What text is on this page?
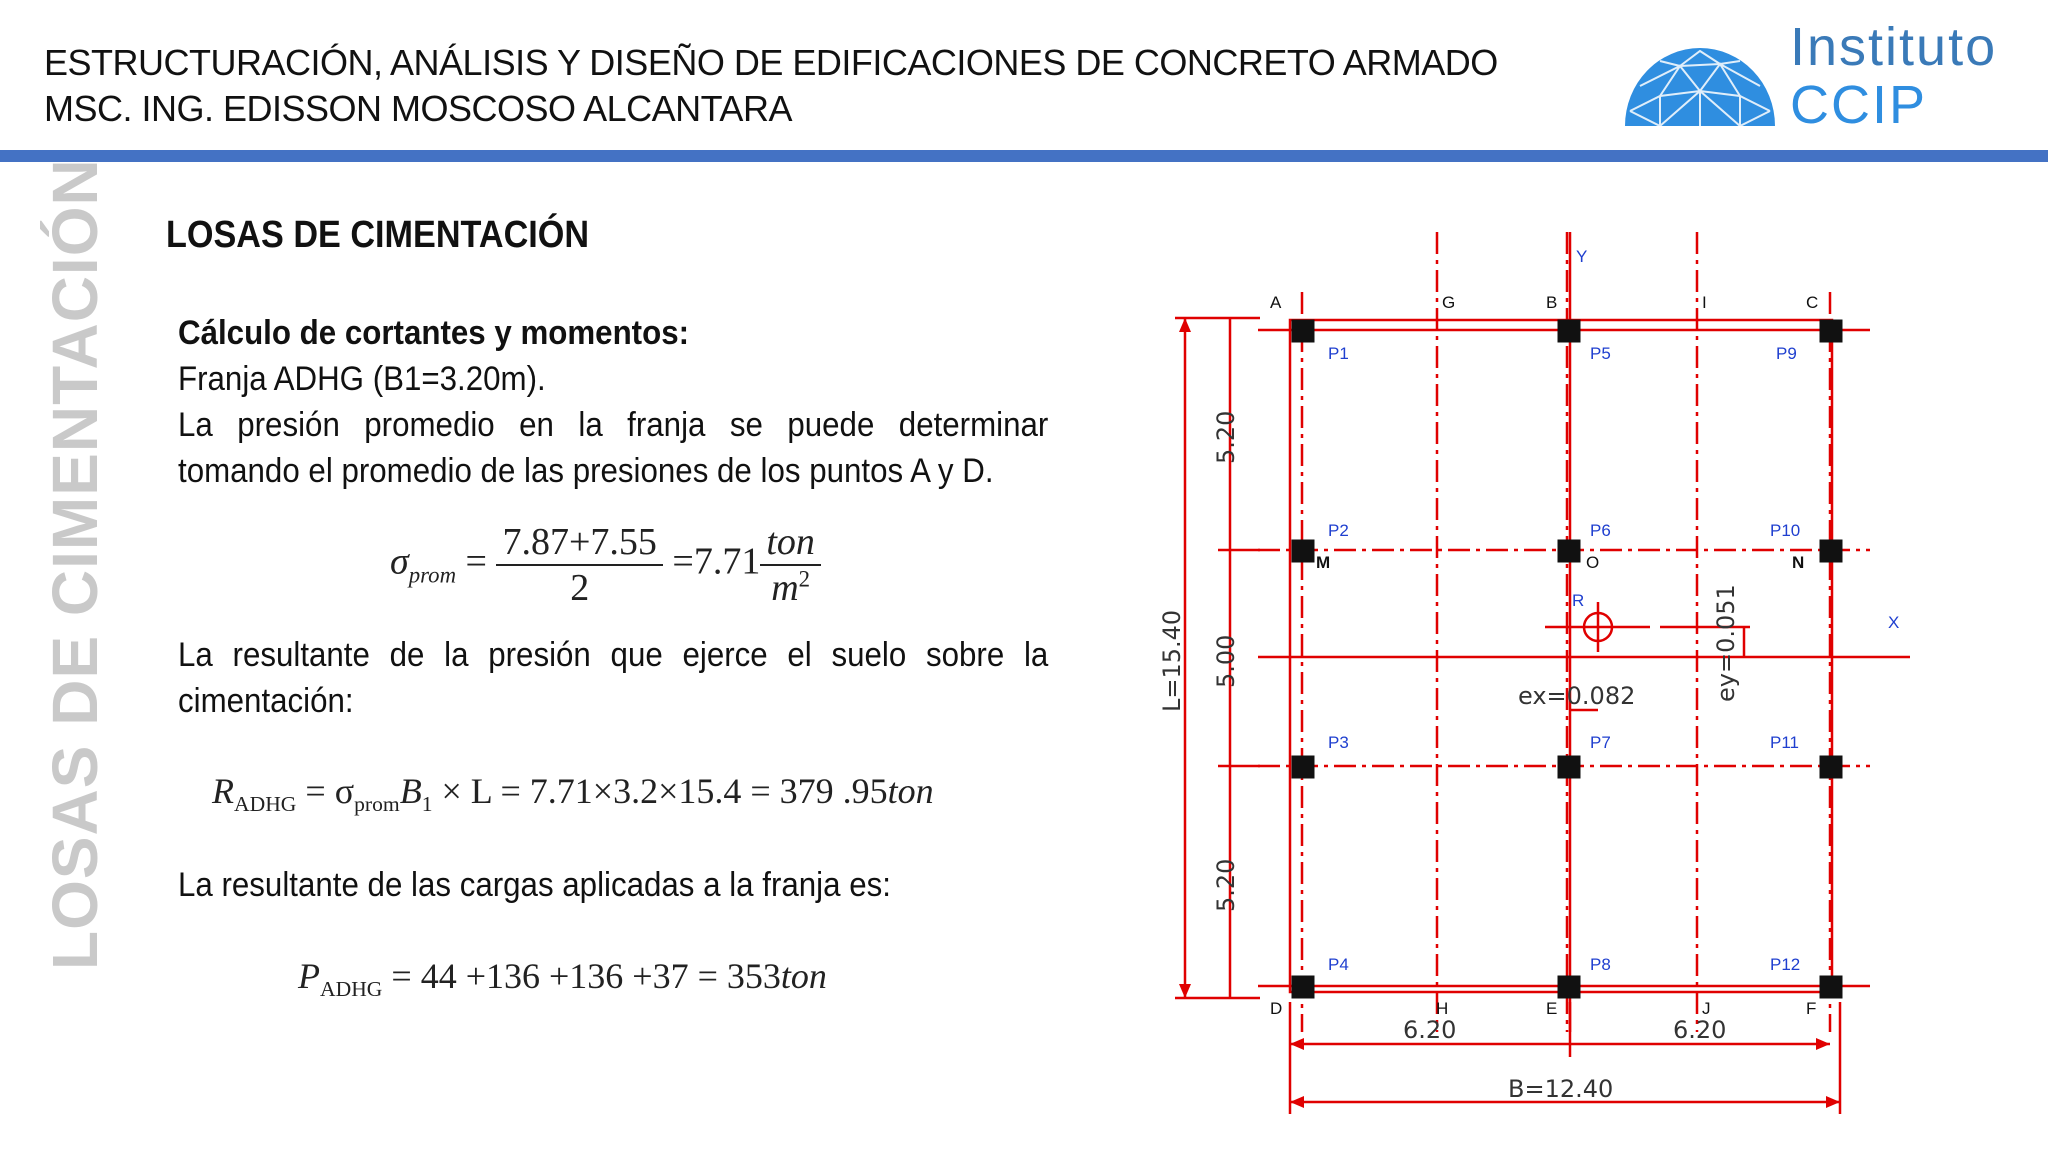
ESTRUCTURACIÓN, ANÁLISIS Y DISEÑO DE EDIFICACIONES DE CONCRETO ARMADO
MSC. ING. EDISSON MOSCOSO ALCANTARA
Instituto
CCIP
LOSAS DE CIMENTACIÓN LOSAS DE CIMENTACIÓN
Cálculo de cortantes y momentos:
Franja ADHG (B1=3.20m).
La presión promedio en la franja se puede determinar tomando el promedio de las presiones de los puntos A y D.
$\sigma_{prom} = \frac{7.87+7.55}{2} =7.71 \frac{\text{ton}}{m^2}$
La resultante de la presión que ejerce el suelo sobre la cimentación:
$R_{ADHG} = \sigma_{prom}B_1 \times L = 7.71\times 3.2\times 15.4 = 379$ .95ton
La resultante de las cargas aplicadas a la franja es:
$P_{ADHG} = 44 +136 +136 +37 = 353ton$
A	G	B	I	C
D	H	E	J	F
M	O	N
Y
X
R
P1	P5	P9
P2	P6	P10
P3	P7	P11
P4	P8	P12
L=15.40
5.20
5.00
5.20
6.20	6.20
B=12.40
ex=0.082	ey=0.051
